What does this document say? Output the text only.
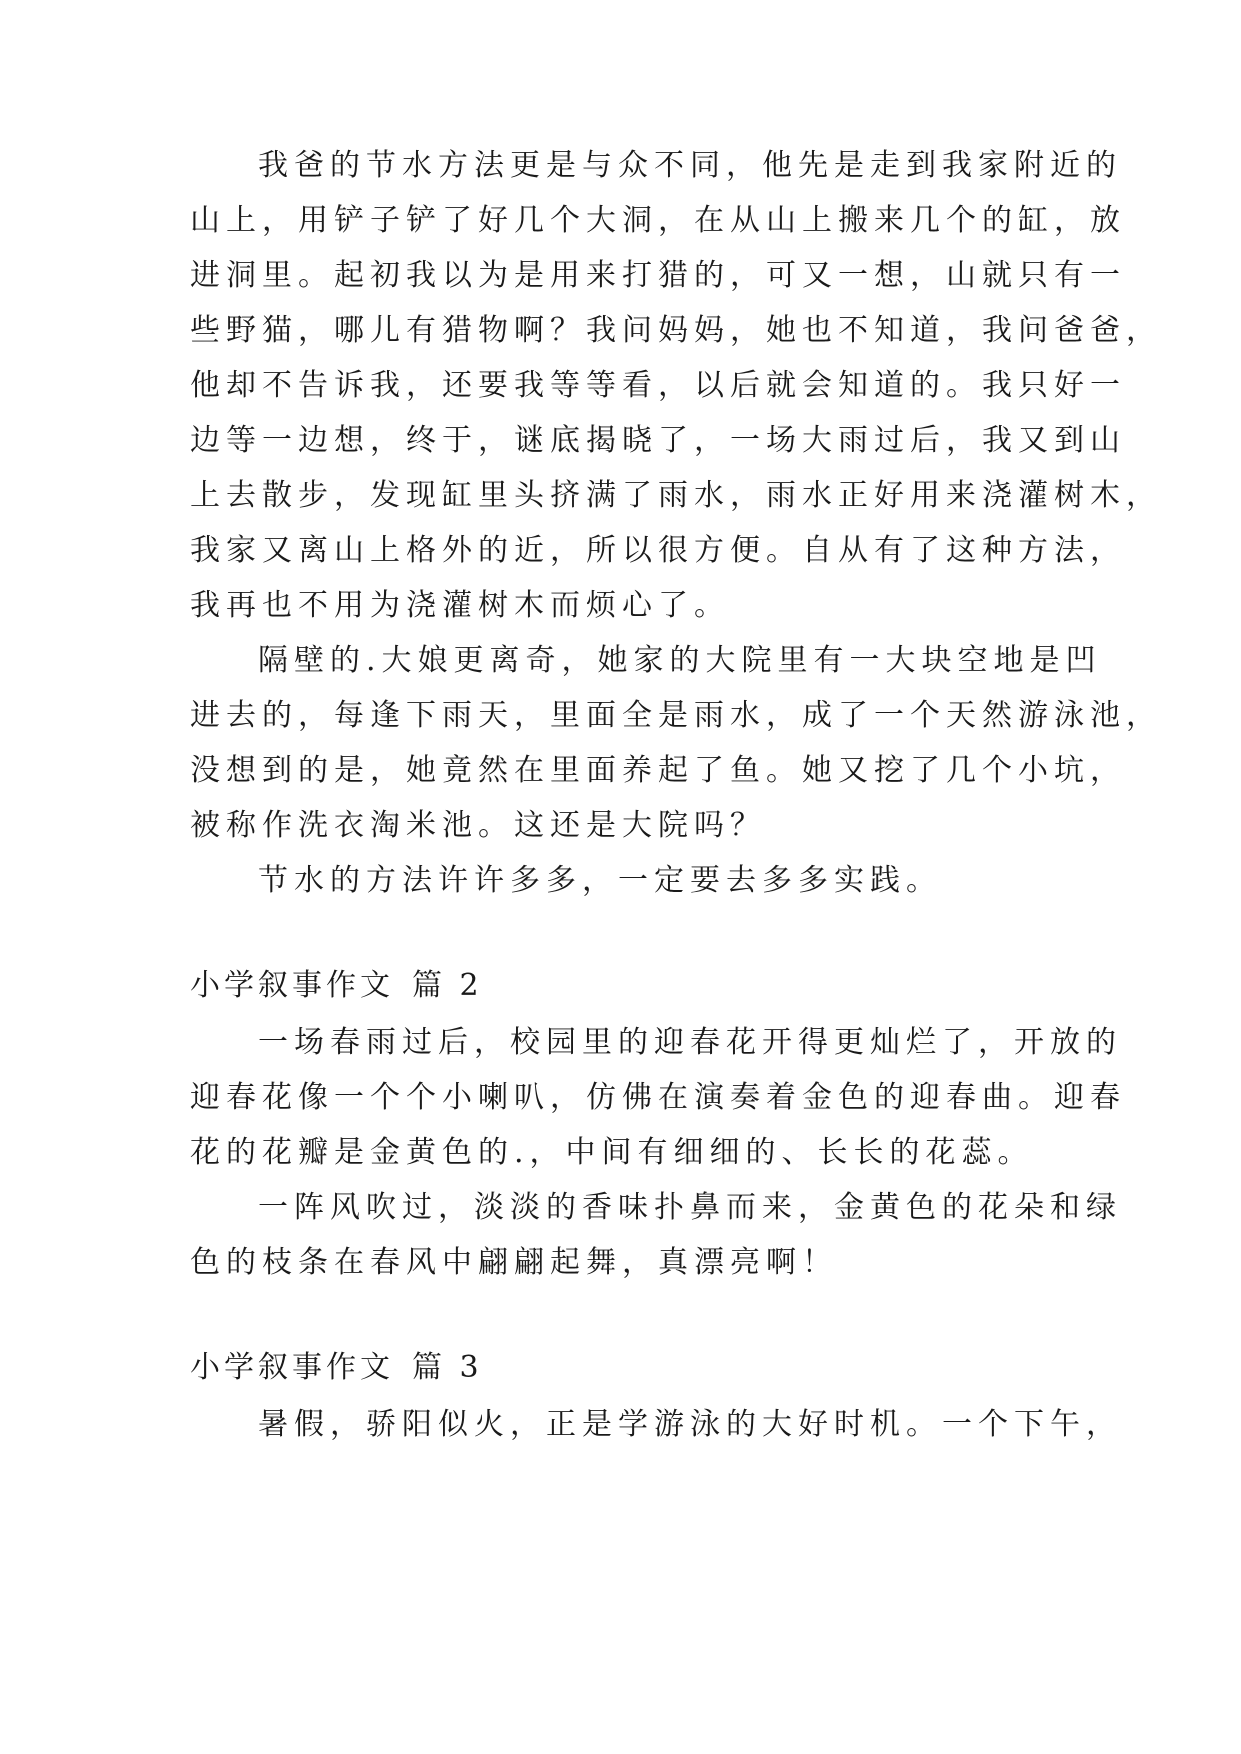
我爸的节水方法更是与众不同，他先是走到我家附近的
山上，用铲子铲了好几个大洞，在从山上搬来几个的缸，放
进洞里。起初我以为是用来打猎的，可又一想，山就只有一
些野猫，哪儿有猎物啊？我问妈妈，她也不知道，我问爸爸，
他却不告诉我，还要我等等看，以后就会知道的。我只好一
边等一边想，终于，谜底揭晓了，一场大雨过后，我又到山
上去散步，发现缸里头挤满了雨水，雨水正好用来浇灌树木，
我家又离山上格外的近，所以很方便。自从有了这种方法，
我再也不用为浇灌树木而烦心了。
隔壁的.大娘更离奇，她家的大院里有一大块空地是凹
进去的，每逢下雨天，里面全是雨水，成了一个天然游泳池，
没想到的是，她竟然在里面养起了鱼。她又挖了几个小坑，
被称作洗衣淘米池。这还是大院吗？
节水的方法许许多多，一定要去多多实践。
小学叙事作文 篇 2
一场春雨过后，校园里的迎春花开得更灿烂了，开放的
迎春花像一个个小喇叭，仿佛在演奏着金色的迎春曲。迎春
花的花瓣是金黄色的.，中间有细细的、长长的花蕊。
一阵风吹过，淡淡的香味扑鼻而来，金黄色的花朵和绿
色的枝条在春风中翩翩起舞，真漂亮啊！
小学叙事作文 篇 3
暑假，骄阳似火，正是学游泳的大好时机。一个下午，
